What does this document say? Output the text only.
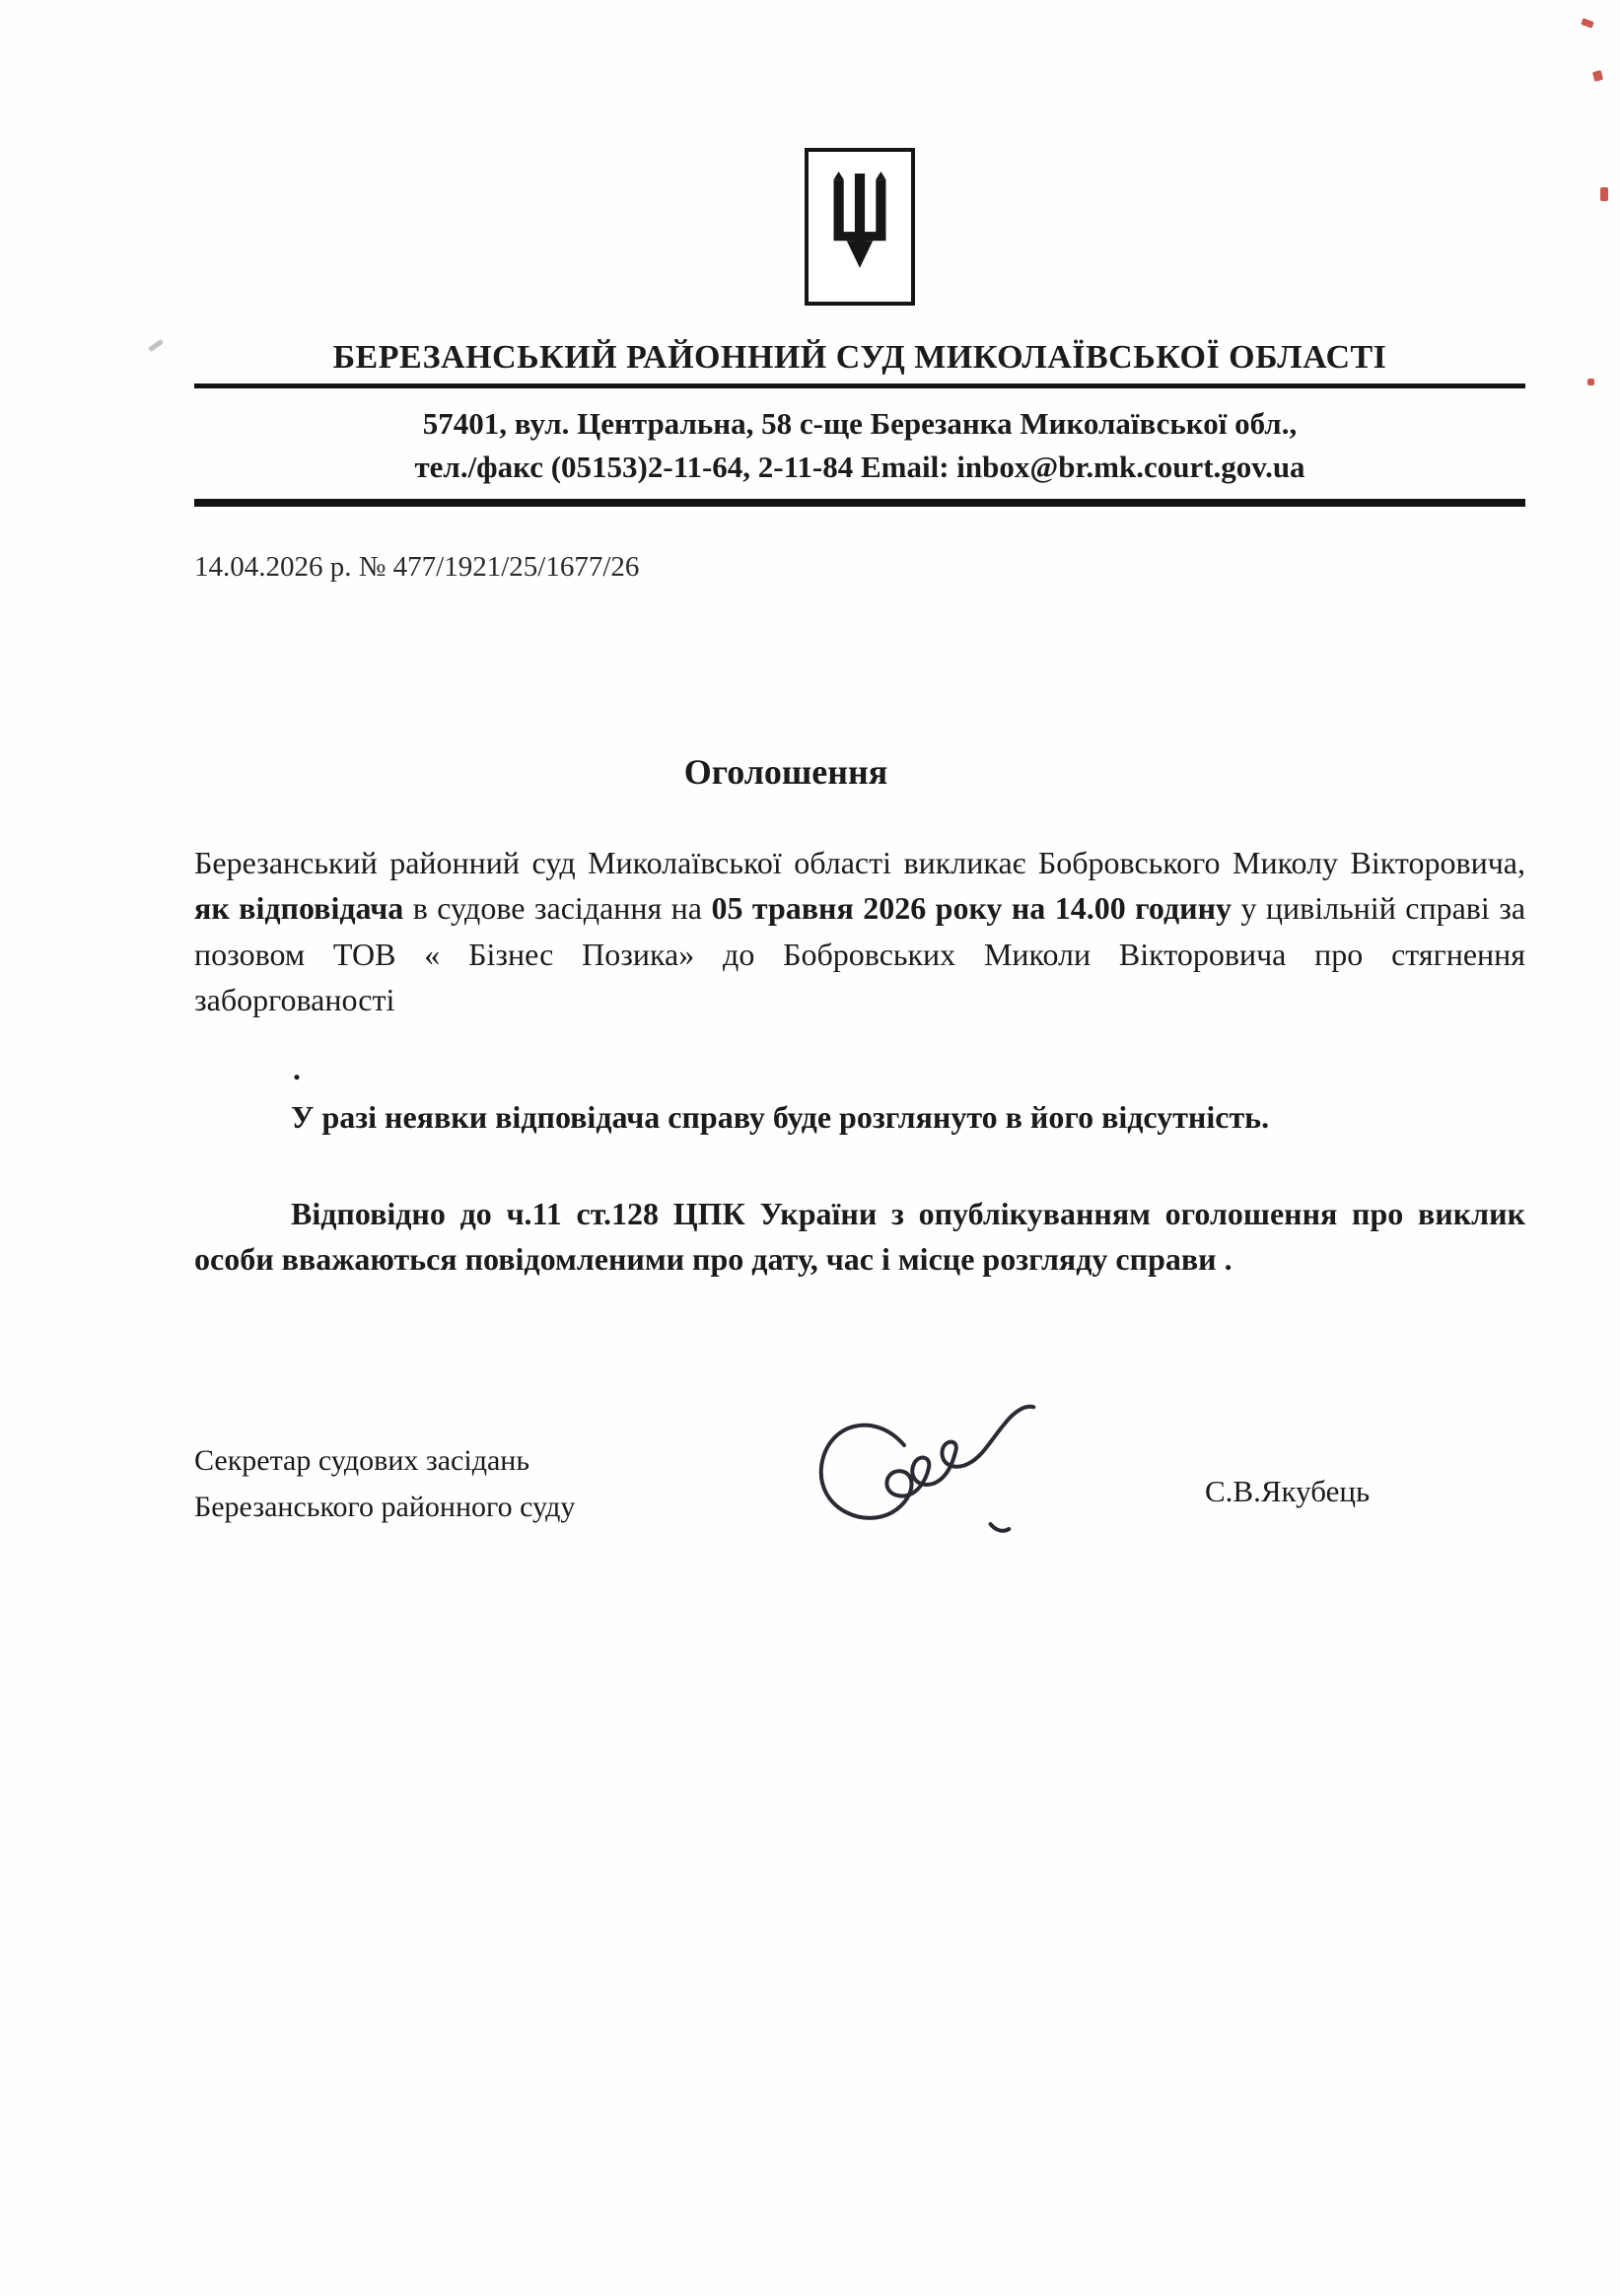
БЕРЕЗАНСЬКИЙ РАЙОННИЙ СУД МИКОЛАЇВСЬКОЇ ОБЛАСТІ
57401, вул. Центральна, 58 с-ще Березанка Миколаївської обл.,
тел./факс (05153)2-11-64, 2-11-84 Email: inbox@br.mk.court.gov.ua
14.04.2026 р. № 477/1921/25/1677/26
Оголошення

Березанський районний суд Миколаївської області викликає Бобровського Миколу Вікторовича, як відповідача в судове засідання на 05 травня 2026 року на 14.00 годину у цивільній справі за позовом ТОВ « Бізнес Позика» до Бобровських Миколи Вікторовича про стягнення заборгованості

.

У разі неявки відповідача справу буде розглянуто в його відсутність.

Відповідно до ч.11 ст.128 ЦПК України з опублікуванням оголошення про виклик особи вважаються повідомленими про дату, час і місце розгляду справи .

Секретар судових засідань
Березанського районного суду	С.В.Якубець
